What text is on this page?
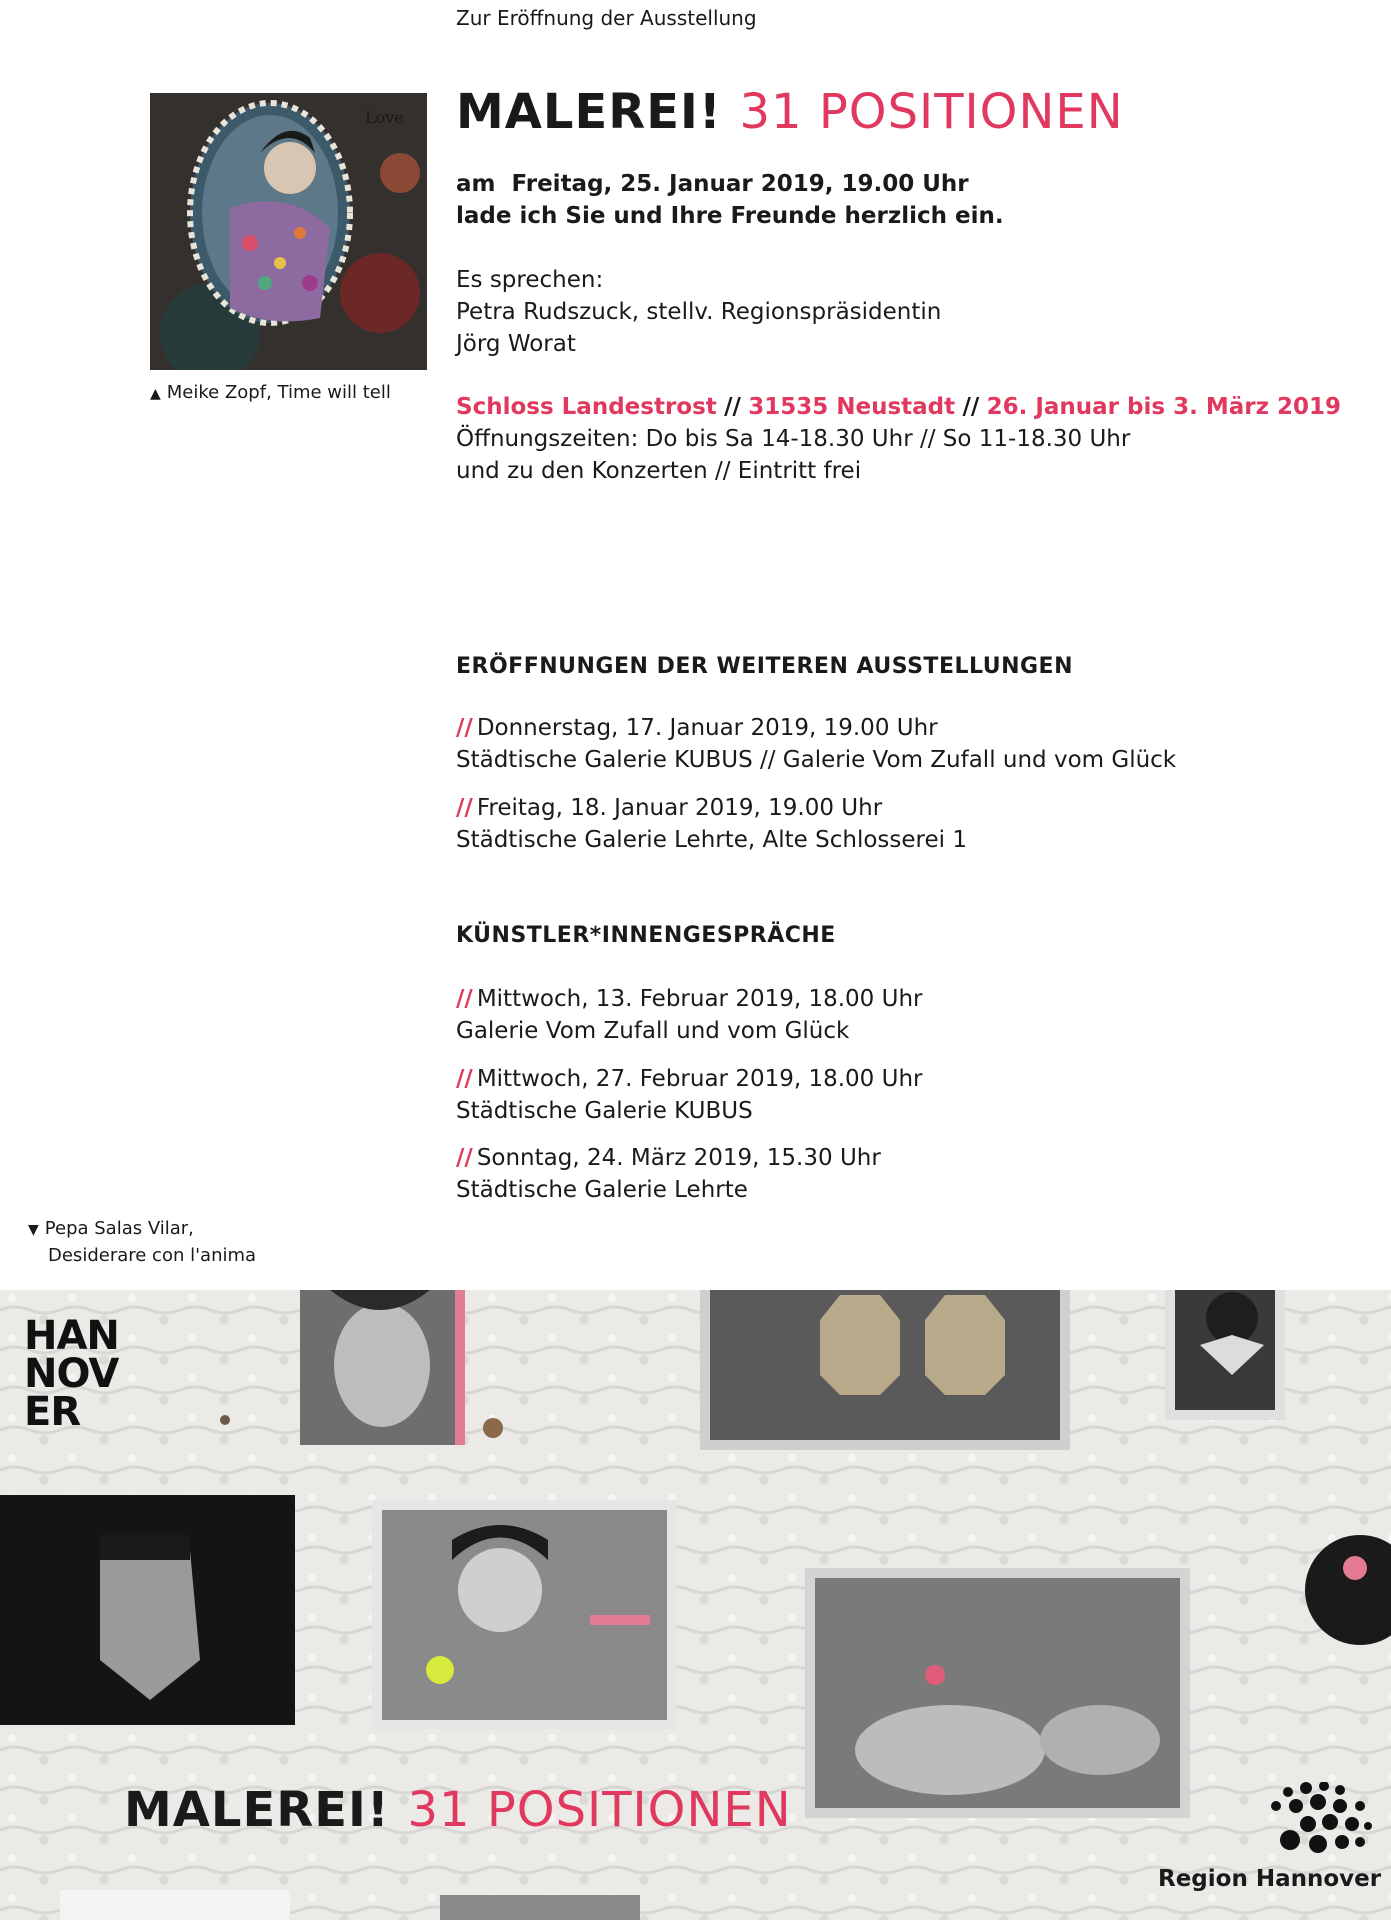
Zur Eröffnung der Ausstellung
Love
▲ Meike Zopf, Time will tell
MALEREI! 31 POSITIONEN
am  Freitag, 25. Januar 2019, 19.00 Uhr
lade ich Sie und Ihre Freunde herzlich ein.
Es sprechen:
Petra Rudszuck, stellv. Regionspräsidentin
Jörg Worat
Schloss Landestrost // 31535 Neustadt // 26. Januar bis 3. März 2019
Öffnungszeiten: Do bis Sa 14-18.30 Uhr // So 11-18.30 Uhr
und zu den Konzerten // Eintritt frei
ERÖFFNUNGEN DER WEITEREN AUSSTELLUNGEN
// Donnerstag, 17. Januar 2019, 19.00 Uhr
Städtische Galerie KUBUS // Galerie Vom Zufall und vom Glück
// Freitag, 18. Januar 2019, 19.00 Uhr
Städtische Galerie Lehrte, Alte Schlosserei 1
KÜNSTLER*INNENGESPRÄCHE
// Mittwoch, 13. Februar 2019, 18.00 Uhr
Galerie Vom Zufall und vom Glück
// Mittwoch, 27. Februar 2019, 18.00 Uhr
Städtische Galerie KUBUS
// Sonntag, 24. März 2019, 15.30 Uhr
Städtische Galerie Lehrte
▼ Pepa Salas Vilar,
Desiderare con l'anima
HAN
NOV
ER
MALEREI! 31 POSITIONEN
Region Hannover
